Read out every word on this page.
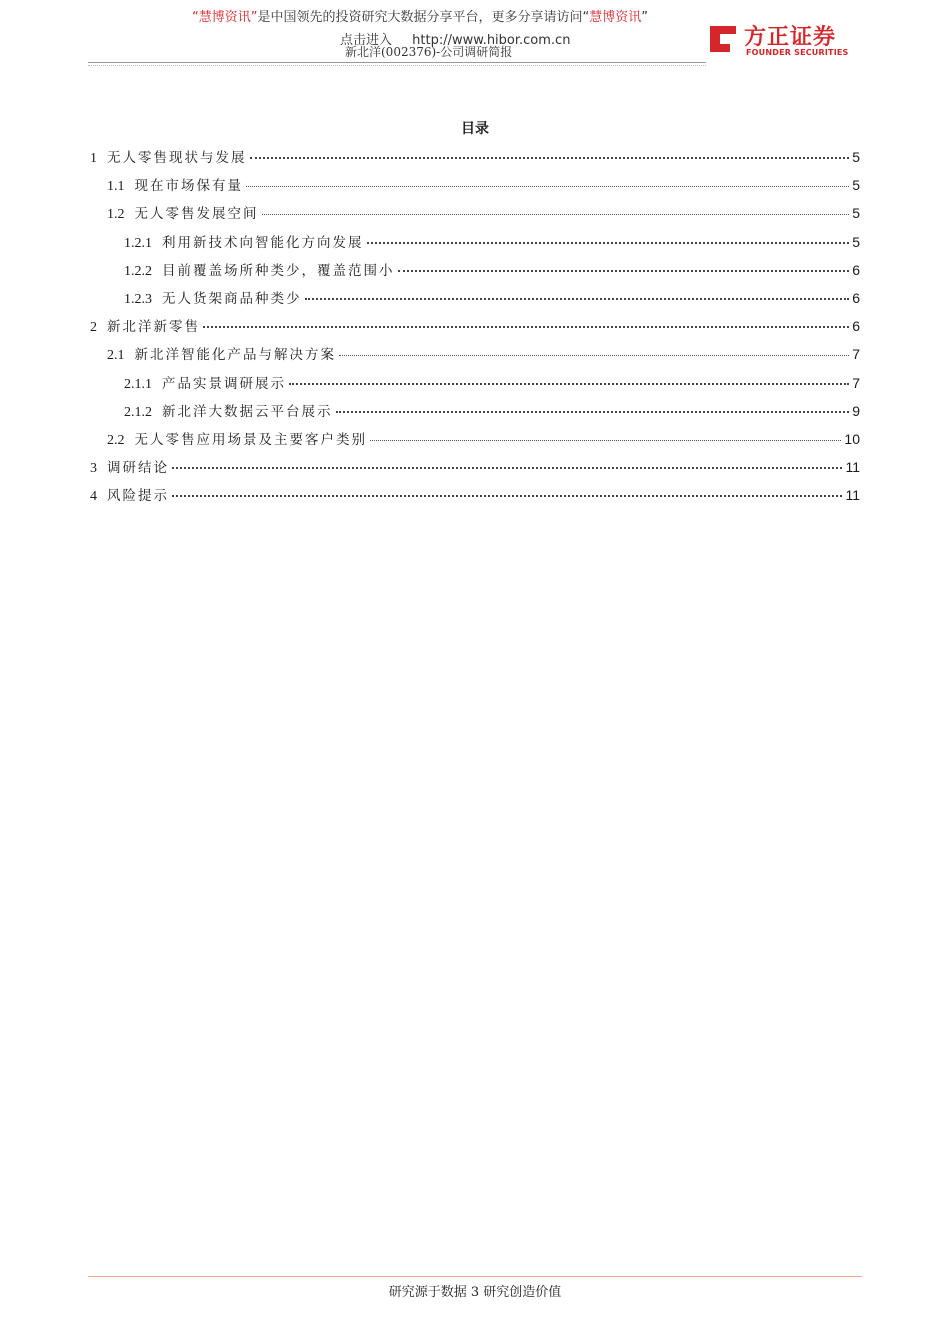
“慧博资讯”是中国领先的投资研究大数据分享平台，更多分享请访问“慧博资讯”
点击进入 http://www.hibor.com.cn
新北洋(002376)-公司调研简报
方正证券
FOUNDER SECURITIES
目录
1 无人零售现状与发展	5
1.1 现在市场保有量	5
1.2 无人零售发展空间	5
1.2.1 利用新技术向智能化方向发展	5
1.2.2 目前覆盖场所种类少，覆盖范围小	6
1.2.3 无人货架商品种类少	6
2 新北洋新零售	6
2.1 新北洋智能化产品与解决方案	7
2.1.1 产品实景调研展示	7
2.1.2 新北洋大数据云平台展示	9
2.2 无人零售应用场景及主要客户类别	10
3 调研结论	11
4 风险提示	11
研究源于数据 3 研究创造价值
